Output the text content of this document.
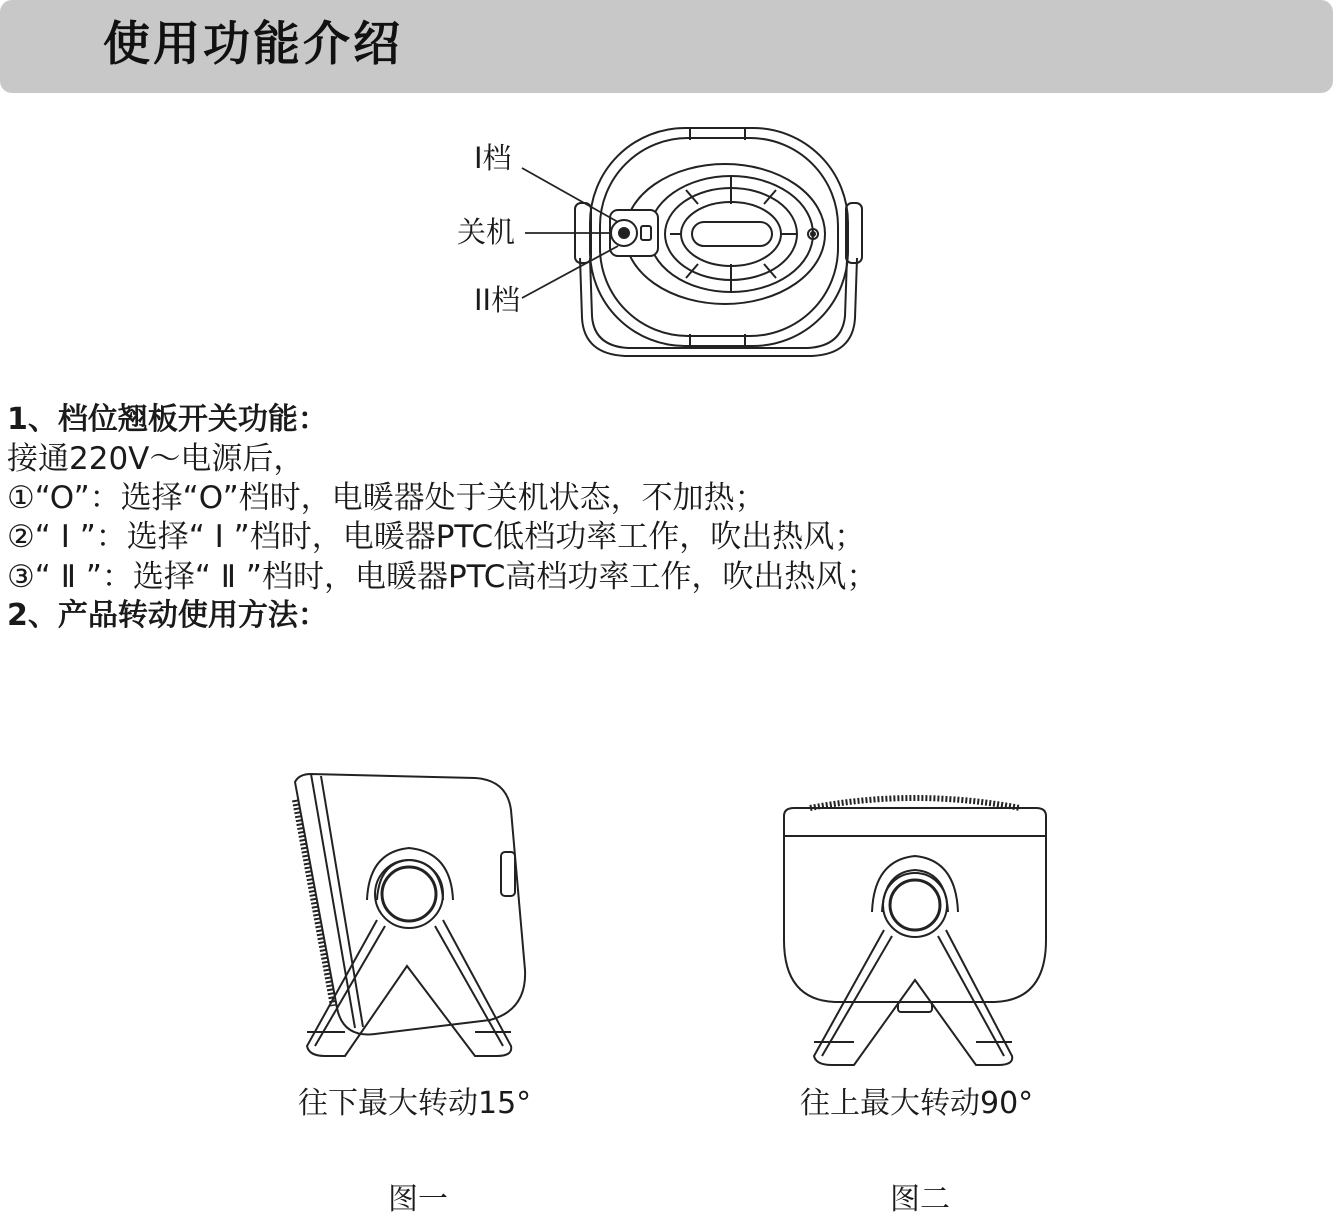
使用功能介绍
I档
关机
II档
1、档位翘板开关功能：
接通220V～电源后，
①“O”：选择“O”档时，电暖器处于关机状态，不加热；
②“ I ”：选择“ I ”档时，电暖器PTC低档功率工作，吹出热风；
③“ Ⅱ ”：选择“ Ⅱ ”档时，电暖器PTC高档功率工作，吹出热风；
2、产品转动使用方法：
往下最大转动15°	往上最大转动90°
图一	图二
